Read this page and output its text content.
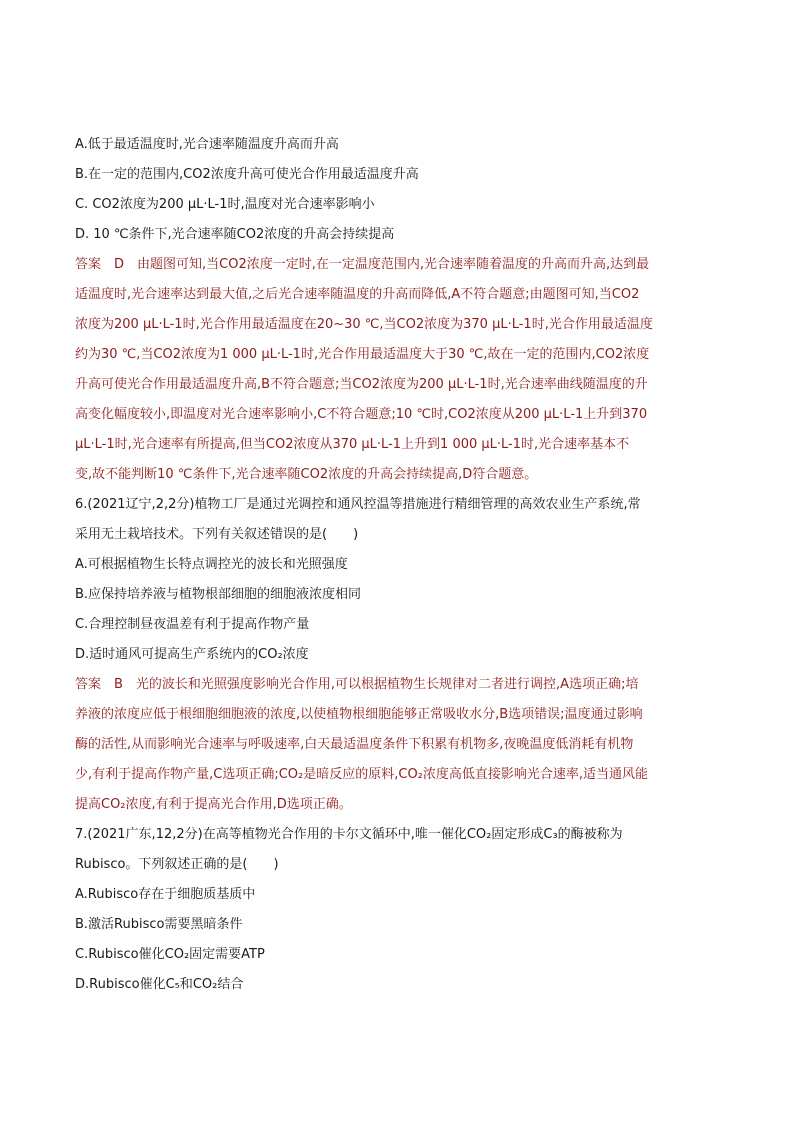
A.低于最适温度时,光合速率随温度升高而升高
B.在一定的范围内,CO2浓度升高可使光合作用最适温度升高
C. CO2浓度为200 μL·L-1时,温度对光合速率影响小
D. 10 ℃条件下,光合速率随CO2浓度的升高会持续提高
答案　D　由题图可知,当CO2浓度一定时,在一定温度范围内,光合速率随着温度的升高而升高,达到最
适温度时,光合速率达到最大值,之后光合速率随温度的升高而降低,A不符合题意;由题图可知,当CO2
浓度为200 μL·L-1时,光合作用最适温度在20~30 ℃,当CO2浓度为370 μL·L-1时,光合作用最适温度
约为30 ℃,当CO2浓度为1 000 μL·L-1时,光合作用最适温度大于30 ℃,故在一定的范围内,CO2浓度
升高可使光合作用最适温度升高,B不符合题意;当CO2浓度为200 μL·L-1时,光合速率曲线随温度的升
高变化幅度较小,即温度对光合速率影响小,C不符合题意;10 ℃时,CO2浓度从200 μL·L-1上升到370
μL·L-1时,光合速率有所提高,但当CO2浓度从370 μL·L-1上升到1 000 μL·L-1时,光合速率基本不
变,故不能判断10 ℃条件下,光合速率随CO2浓度的升高会持续提高,D符合题意。
6.(2021辽宁,2,2分)植物工厂是通过光调控和通风控温等措施进行精细管理的高效农业生产系统,常
采用无土栽培技术。下列有关叙述错误的是(　　)
A.可根据植物生长特点调控光的波长和光照强度
B.应保持培养液与植物根部细胞的细胞液浓度相同
C.合理控制昼夜温差有利于提高作物产量
D.适时通风可提高生产系统内的CO₂浓度
答案　B　光的波长和光照强度影响光合作用,可以根据植物生长规律对二者进行调控,A选项正确;培
养液的浓度应低于根细胞细胞液的浓度,以使植物根细胞能够正常吸收水分,B选项错误;温度通过影响
酶的活性,从而影响光合速率与呼吸速率,白天最适温度条件下积累有机物多,夜晚温度低消耗有机物
少,有利于提高作物产量,C选项正确;CO₂是暗反应的原料,CO₂浓度高低直接影响光合速率,适当通风能
提高CO₂浓度,有利于提高光合作用,D选项正确。
7.(2021广东,12,2分)在高等植物光合作用的卡尔文循环中,唯一催化CO₂固定形成C₃的酶被称为
Rubisco。下列叙述正确的是(　　)
A.Rubisco存在于细胞质基质中
B.激活Rubisco需要黑暗条件
C.Rubisco催化CO₂固定需要ATP
D.Rubisco催化C₅和CO₂结合
